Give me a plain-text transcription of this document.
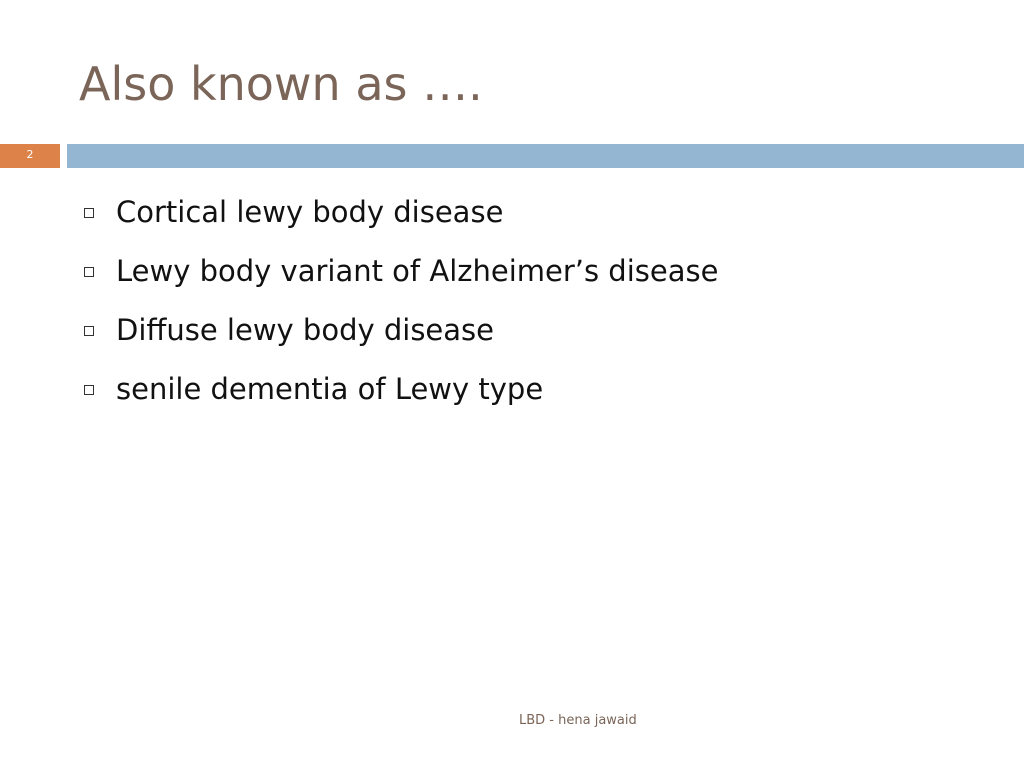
Also known as ….
2
Cortical lewy body disease
Lewy body variant of Alzheimer’s disease
Diffuse lewy body disease
senile dementia of Lewy type
LBD - hena jawaid
